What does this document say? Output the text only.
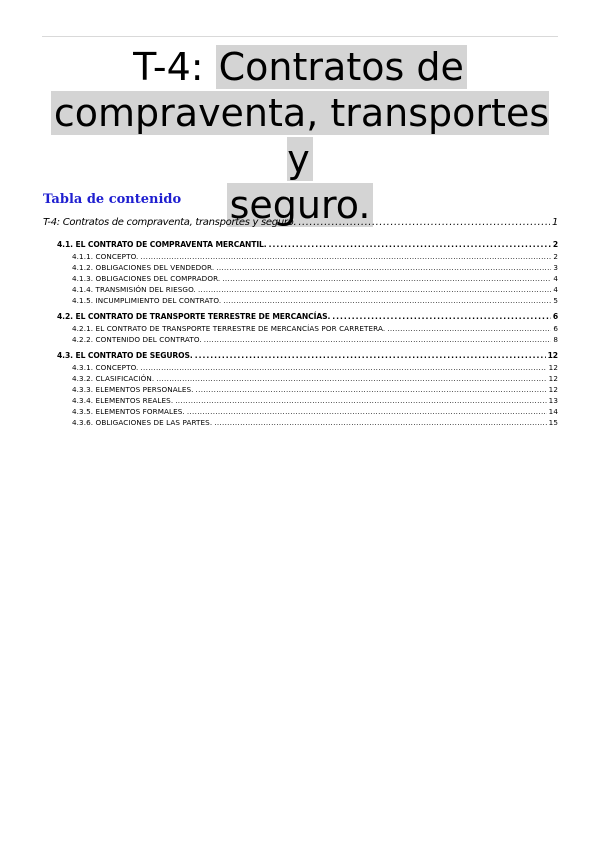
T-4: Contratos de
compraventa, transportes y
seguro.
Tabla de contenido
T-4: Contratos de compraventa, transportes y seguro. .....	1
4.1. EL CONTRATO DE COMPRAVENTA MERCANTIL. .....	2
4.1.1. CONCEPTO. .....	2
4.1.2. OBLIGACIONES DEL VENDEDOR. .....	3
4.1.3. OBLIGACIONES DEL COMPRADOR. .....	4
4.1.4. TRANSMISIÓN DEL RIESGO. .....	4
4.1.5. INCUMPLIMIENTO DEL CONTRATO. .....	5
4.2. EL CONTRATO DE TRANSPORTE TERRESTRE DE MERCANCÍAS. .....	6
4.2.1. EL CONTRATO DE TRANSPORTE TERRESTRE DE MERCANCÍAS POR CARRETERA. .....	6
4.2.2. CONTENIDO DEL CONTRATO. .....	8
4.3. EL CONTRATO DE SEGUROS. .....	12
4.3.1. CONCEPTO. .....	12
4.3.2. CLASIFICACIÓN. .....	12
4.3.3. ELEMENTOS PERSONALES. .....	12
4.3.4. ELEMENTOS REALES. .....	13
4.3.5. ELEMENTOS FORMALES. .....	14
4.3.6. OBLIGACIONES DE LAS PARTES. .....	15
